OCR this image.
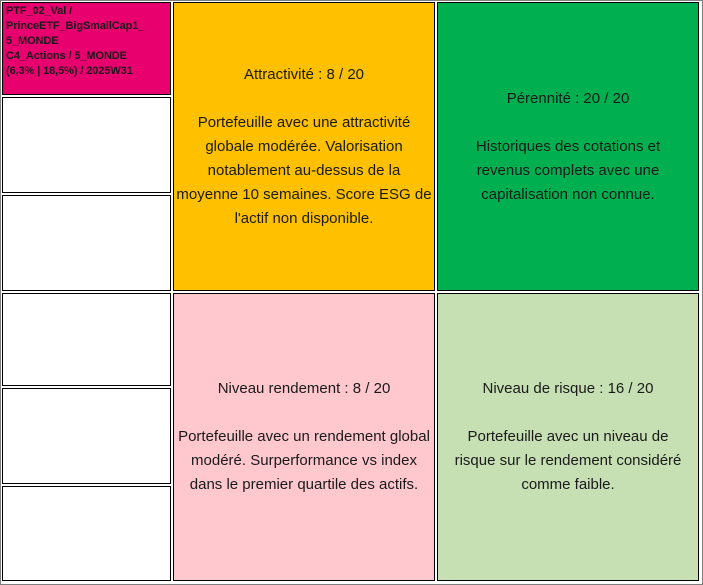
PTF_02_Val /
PrinceETF_BigSmallCap1_
5_MONDE
C4_Actions / 5_MONDE
(6,3% | 18,5%) / 2025W31	Attractivité : 8 / 20
Portefeuille avec une attractivité globale modérée. Valorisation notablement au-dessus de la moyenne 10 semaines. Score ESG de l'actif non disponible.
Pérennité : 20 / 20
Historiques des cotations et revenus complets avec une capitalisation non connue.
Niveau rendement : 8 / 20
Portefeuille avec un rendement global modéré. Surperformance vs index dans le premier quartile des actifs.
Niveau de risque : 16 / 20
Portefeuille avec un niveau de risque sur le rendement considéré comme faible.
